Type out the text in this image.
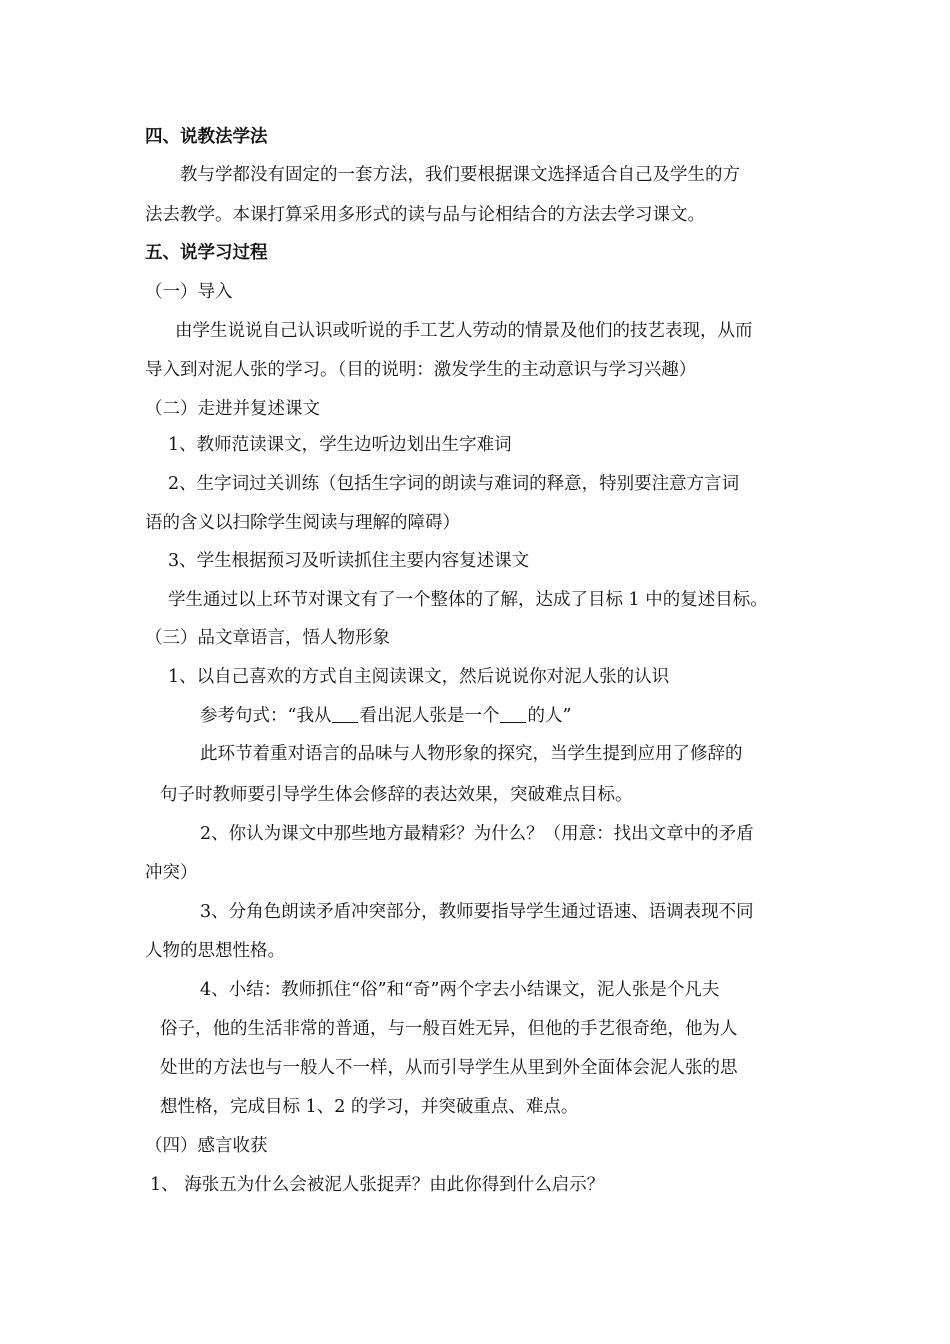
四、说教法学法
教与学都没有固定的一套方法，我们要根据课文选择适合自己及学生的方
法去教学。本课打算采用多形式的读与品与论相结合的方法去学习课文。
五、说学习过程
（一）导入
由学生说说自己认识或听说的手工艺人劳动的情景及他们的技艺表现，从而
导入到对泥人张的学习。（目的说明：激发学生的主动意识与学习兴趣）
（二）走进并复述课文
1、教师范读课文，学生边听边划出生字难词
2、生字词过关训练（包括生字词的朗读与难词的释意，特别要注意方言词
语的含义以扫除学生阅读与理解的障碍）
3、学生根据预习及听读抓住主要内容复述课文
学生通过以上环节对课文有了一个整体的了解，达成了目标 1 中的复述目标。
（三）品文章语言，悟人物形象
1、以自己喜欢的方式自主阅读课文，然后说说你对泥人张的认识
参考句式：“我从 看出泥人张是一个 的人”
此环节着重对语言的品味与人物形象的探究，当学生提到应用了修辞的
句子时教师要引导学生体会修辞的表达效果，突破难点目标。
2、你认为课文中那些地方最精彩？为什么？（用意：找出文章中的矛盾
冲突）
3、分角色朗读矛盾冲突部分，教师要指导学生通过语速、语调表现不同
人物的思想性格。
4、小结：教师抓住“俗”和“奇”两个字去小结课文，泥人张是个凡夫
俗子，他的生活非常的普通，与一般百姓无异，但他的手艺很奇绝，他为人
处世的方法也与一般人不一样，从而引导学生从里到外全面体会泥人张的思
想性格，完成目标 1、2 的学习，并突破重点、难点。
（四）感言收获
1、 海张五为什么会被泥人张捉弄？由此你得到什么启示？
